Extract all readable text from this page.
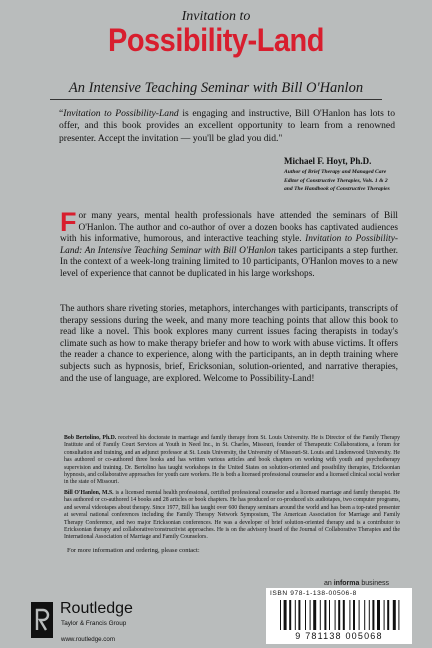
Invitation to
Possibility-Land
An Intensive Teaching Seminar with Bill O'Hanlon
“Invitation to Possibility-Land is engaging and instructive, Bill O'Hanlon has lots to offer, and this book provides an excellent opportunity to learn from a renowned presenter. Accept the invitation — you'll be glad you did."
Michael F. Hoyt, Ph.D.
Author of Brief Therapy and Managed Care
Editor of Constructive Therapies, Vols. 1 & 2
and The Handbook of Constructive Therapies
For many years, mental health professionals have attended the seminars of Bill O'Hanlon. The author and co-author of over a dozen books has captivated audiences with his informative, humorous, and interactive teaching style. Invitation to Possibility-Land: An Intensive Teaching Seminar with Bill O'Hanlon takes participants a step further. In the context of a week-long training limited to 10 participants, O'Hanlon moves to a new level of experience that cannot be duplicated in his large workshops.
The authors share riveting stories, metaphors, interchanges with participants, transcripts of therapy sessions during the week, and many more teaching points that allow this book to read like a novel. This book explores many current issues facing therapists in today's climate such as how to make therapy briefer and how to work with abuse victims. It offers the reader a chance to experience, along with the participants, an in depth training where subjects such as hypnosis, brief, Ericksonian, solution-oriented, and narrative therapies, and the use of language, are explored. Welcome to Possibility-Land!
Bob Bertolino, Ph.D. received his doctorate in marriage and family therapy from St. Louis University. He is Director of the Family Therapy Institute and of Family Court Services at Youth in Need Inc., in St. Charles, Missouri, founder of Therapeutic Collaborations, a forum for consultation and training, and an adjunct professor at St. Louis University, the University of Missouri-St. Louis and Lindenwood University. He has authored or co-authored three books and has written various articles and book chapters on working with youth and psychotherapy supervision and training. Dr. Bertolino has taught workshops in the United States on solution-oriented and possibility therapies, Ericksonian hypnosis, and collaborative approaches for youth care workers. He is both a licensed professional counselor and a licensed clinical social worker in the state of Missouri.
Bill O'Hanlon, M.S. is a licensed mental health professional, certified professional counselor and a licensed marriage and family therapist. He has authored or co-authored 14 books and 28 articles or book chapters. He has produced or co-produced six audiotapes, two computer programs, and several videotapes about therapy. Since 1977, Bill has taught over 600 therapy seminars around the world and has been a top-rated presenter at several national conferences including the Family Therapy Network Symposium, The American Association for Marriage and Family Therapy Conference, and two major Ericksonian conferences. He was a developer of brief solution-oriented therapy and is a contributor to Ericksonian therapy and collaborative/constructivist approaches. He is on the advisory board of the Journal of Collaborative Therapies and the International Association of Marriage and Family Counselors.
For more information and ordering, please contact:
an informa business
ISBN 978-1-138-00506-8
9 781138 005068
Routledge
Taylor & Francis Group
www.routledge.com
